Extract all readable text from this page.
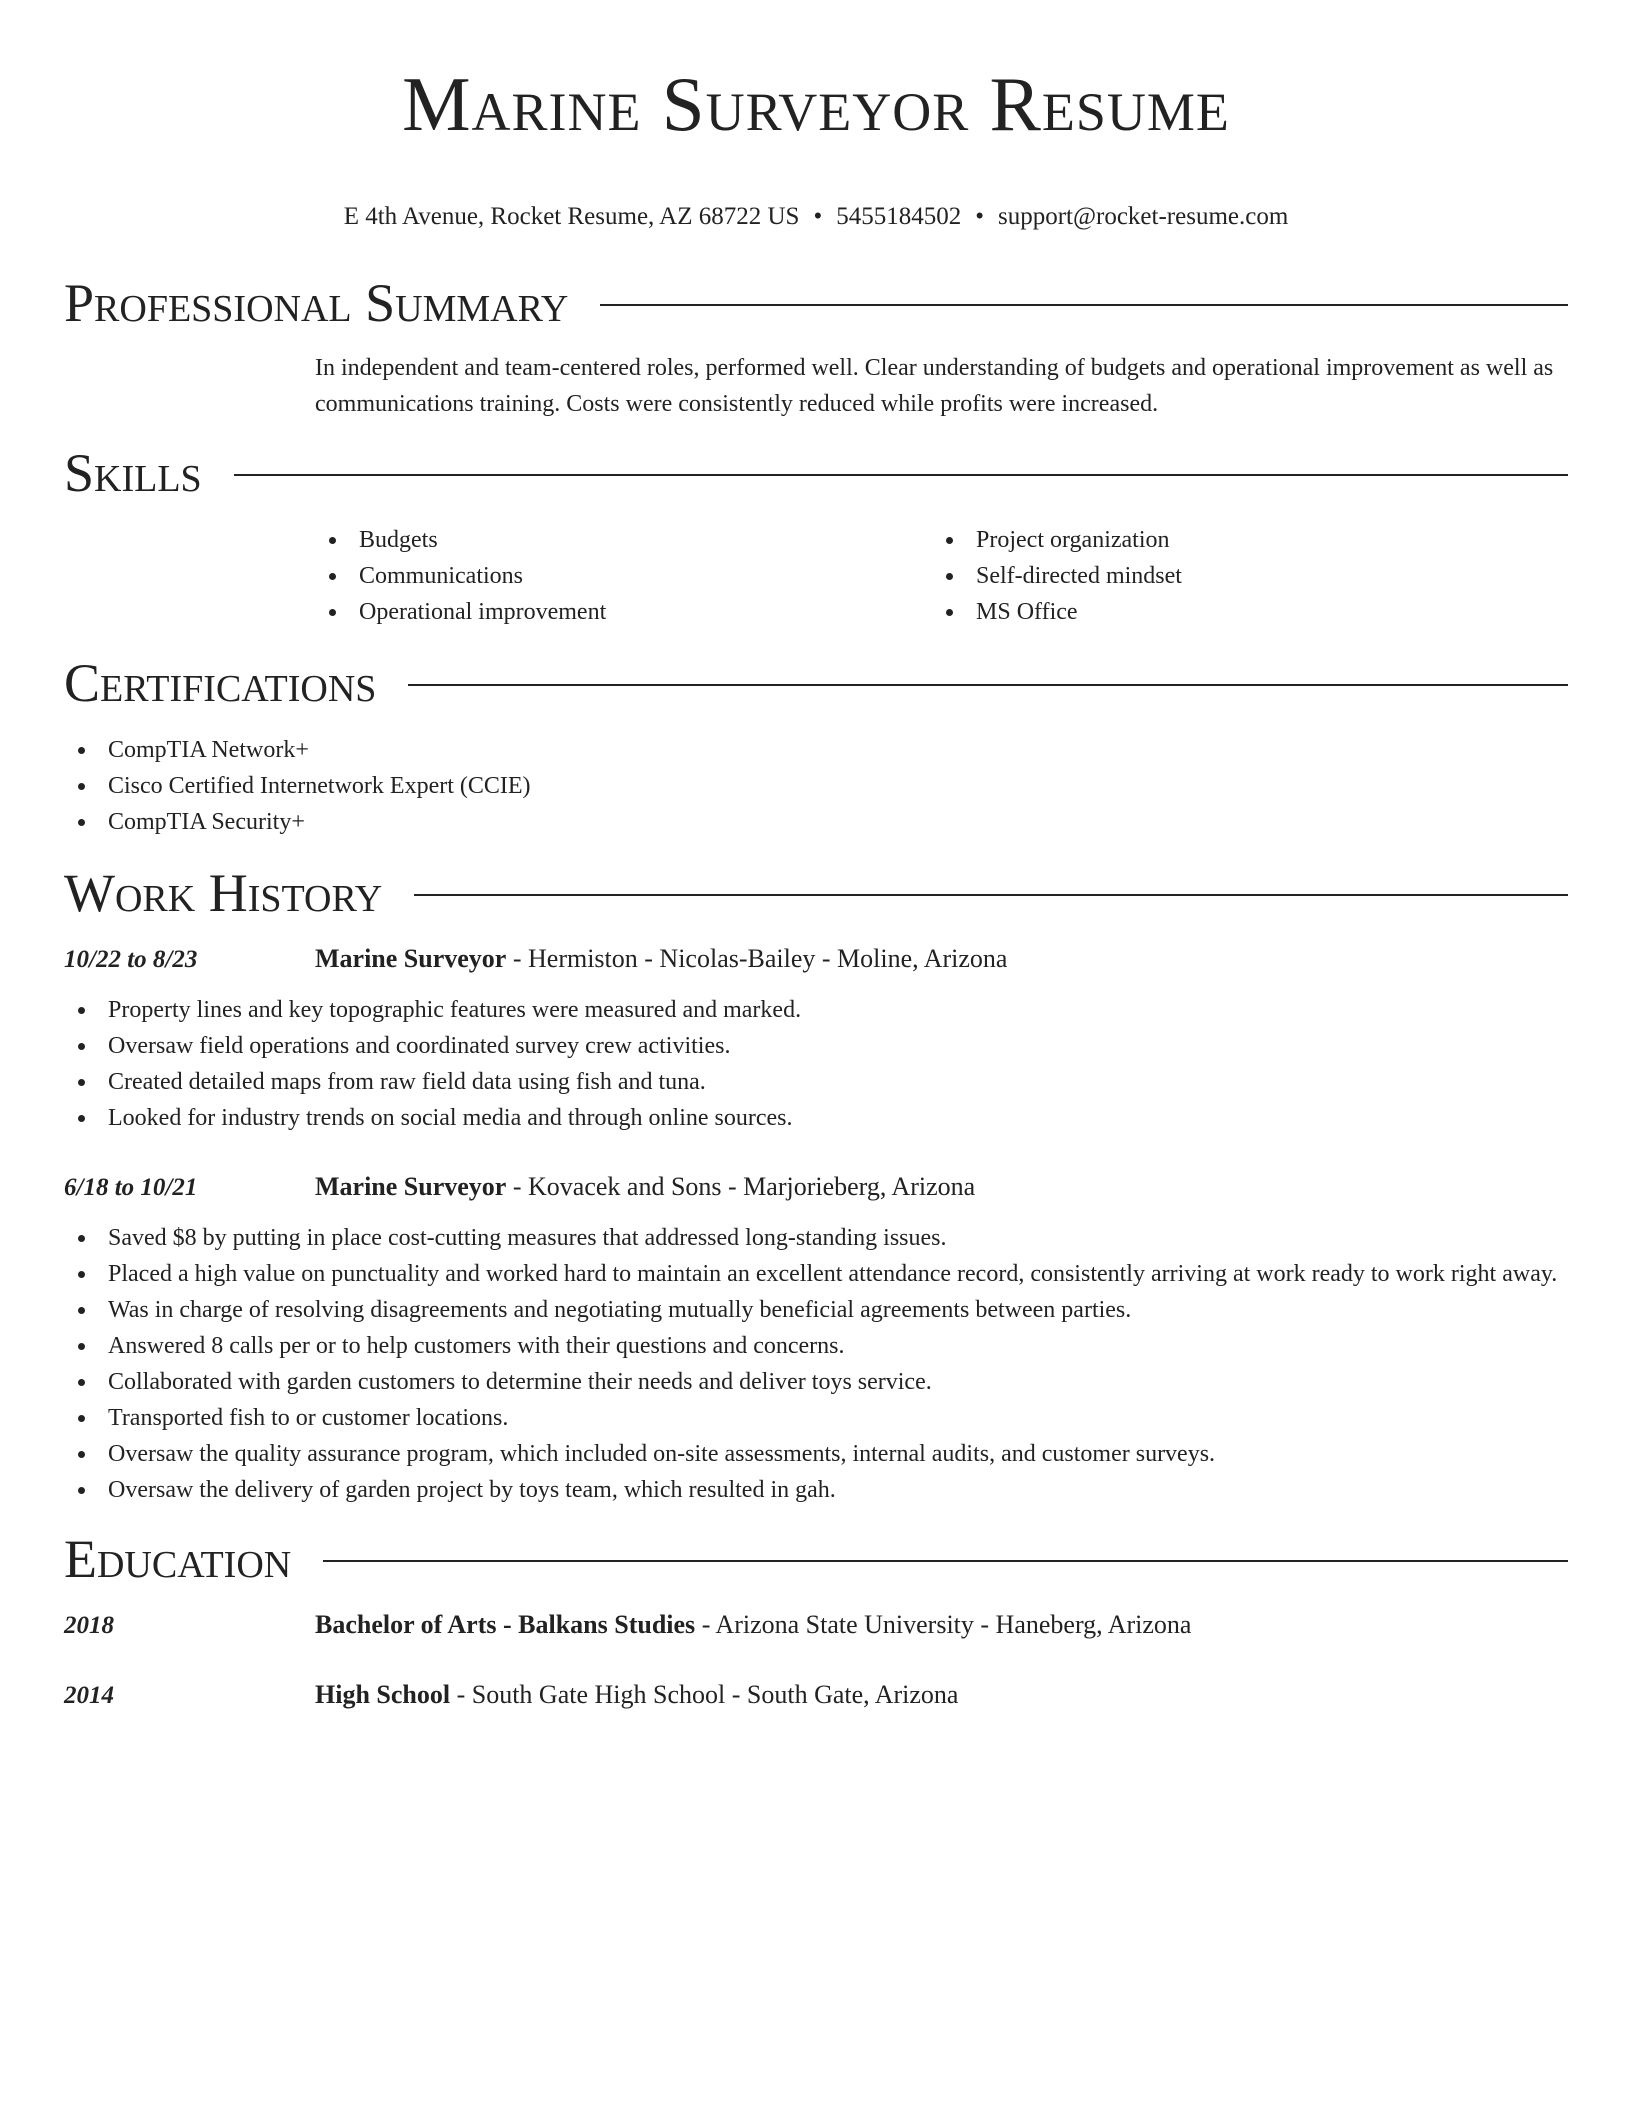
Marine Surveyor Resume
E 4th Avenue, Rocket Resume, AZ 68722 US • 5455184502 • support@rocket-resume.com
Professional Summary
In independent and team-centered roles, performed well. Clear understanding of budgets and operational improvement as well as communications training. Costs were consistently reduced while profits were increased.
Skills
Budgets
Communications
Operational improvement
Project organization
Self-directed mindset
MS Office
Certifications
CompTIA Network+
Cisco Certified Internetwork Expert (CCIE)
CompTIA Security+
Work History
10/22 to 8/23	Marine Surveyor - Hermiston - Nicolas-Bailey - Moline, Arizona
Property lines and key topographic features were measured and marked.
Oversaw field operations and coordinated survey crew activities.
Created detailed maps from raw field data using fish and tuna.
Looked for industry trends on social media and through online sources.
6/18 to 10/21	Marine Surveyor - Kovacek and Sons - Marjorieberg, Arizona
Saved $8 by putting in place cost-cutting measures that addressed long-standing issues.
Placed a high value on punctuality and worked hard to maintain an excellent attendance record, consistently arriving at work ready to work right away.
Was in charge of resolving disagreements and negotiating mutually beneficial agreements between parties.
Answered 8 calls per or to help customers with their questions and concerns.
Collaborated with garden customers to determine their needs and deliver toys service.
Transported fish to or customer locations.
Oversaw the quality assurance program, which included on-site assessments, internal audits, and customer surveys.
Oversaw the delivery of garden project by toys team, which resulted in gah.
Education
2018	Bachelor of Arts - Balkans Studies - Arizona State University - Haneberg, Arizona
2014	High School - South Gate High School - South Gate, Arizona
